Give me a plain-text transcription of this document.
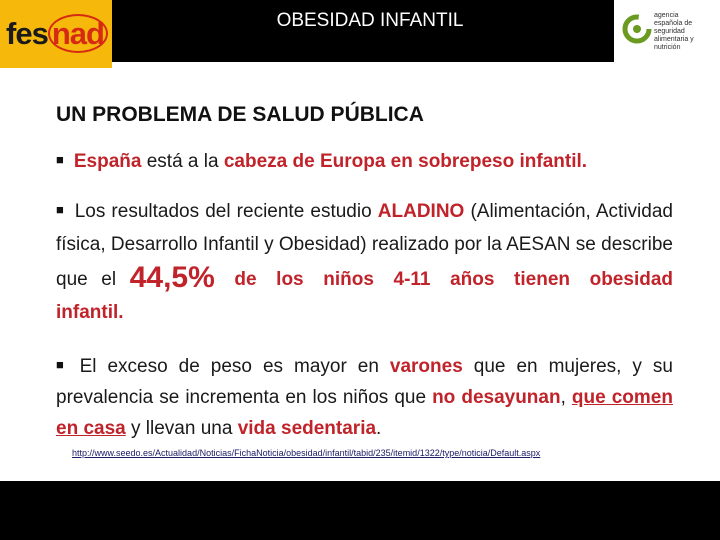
fes nad	OBESIDAD INFANTIL	agencia
española de
seguridad
alimentaria y
nutrición
UN PROBLEMA DE SALUD PÚBLICA

■ España está a la cabeza de Europa en sobrepeso infantil.

■ Los resultados del reciente estudio ALADINO (Alimentación, Actividad física, Desarrollo Infantil y Obesidad) realizado por la AESAN se describe que el 44,5% de los niños 4-11 años tienen obesidad infantil.

■ El exceso de peso es mayor en varones que en mujeres, y su prevalencia se incrementa en los niños que no desayunan, que comen en casa y llevan una vida sedentaria.

http://www.seedo.es/Actualidad/Noticias/FichaNoticia/obesidad/infantil/tabid/235/itemid/1322/type/noticia/Default.aspx
